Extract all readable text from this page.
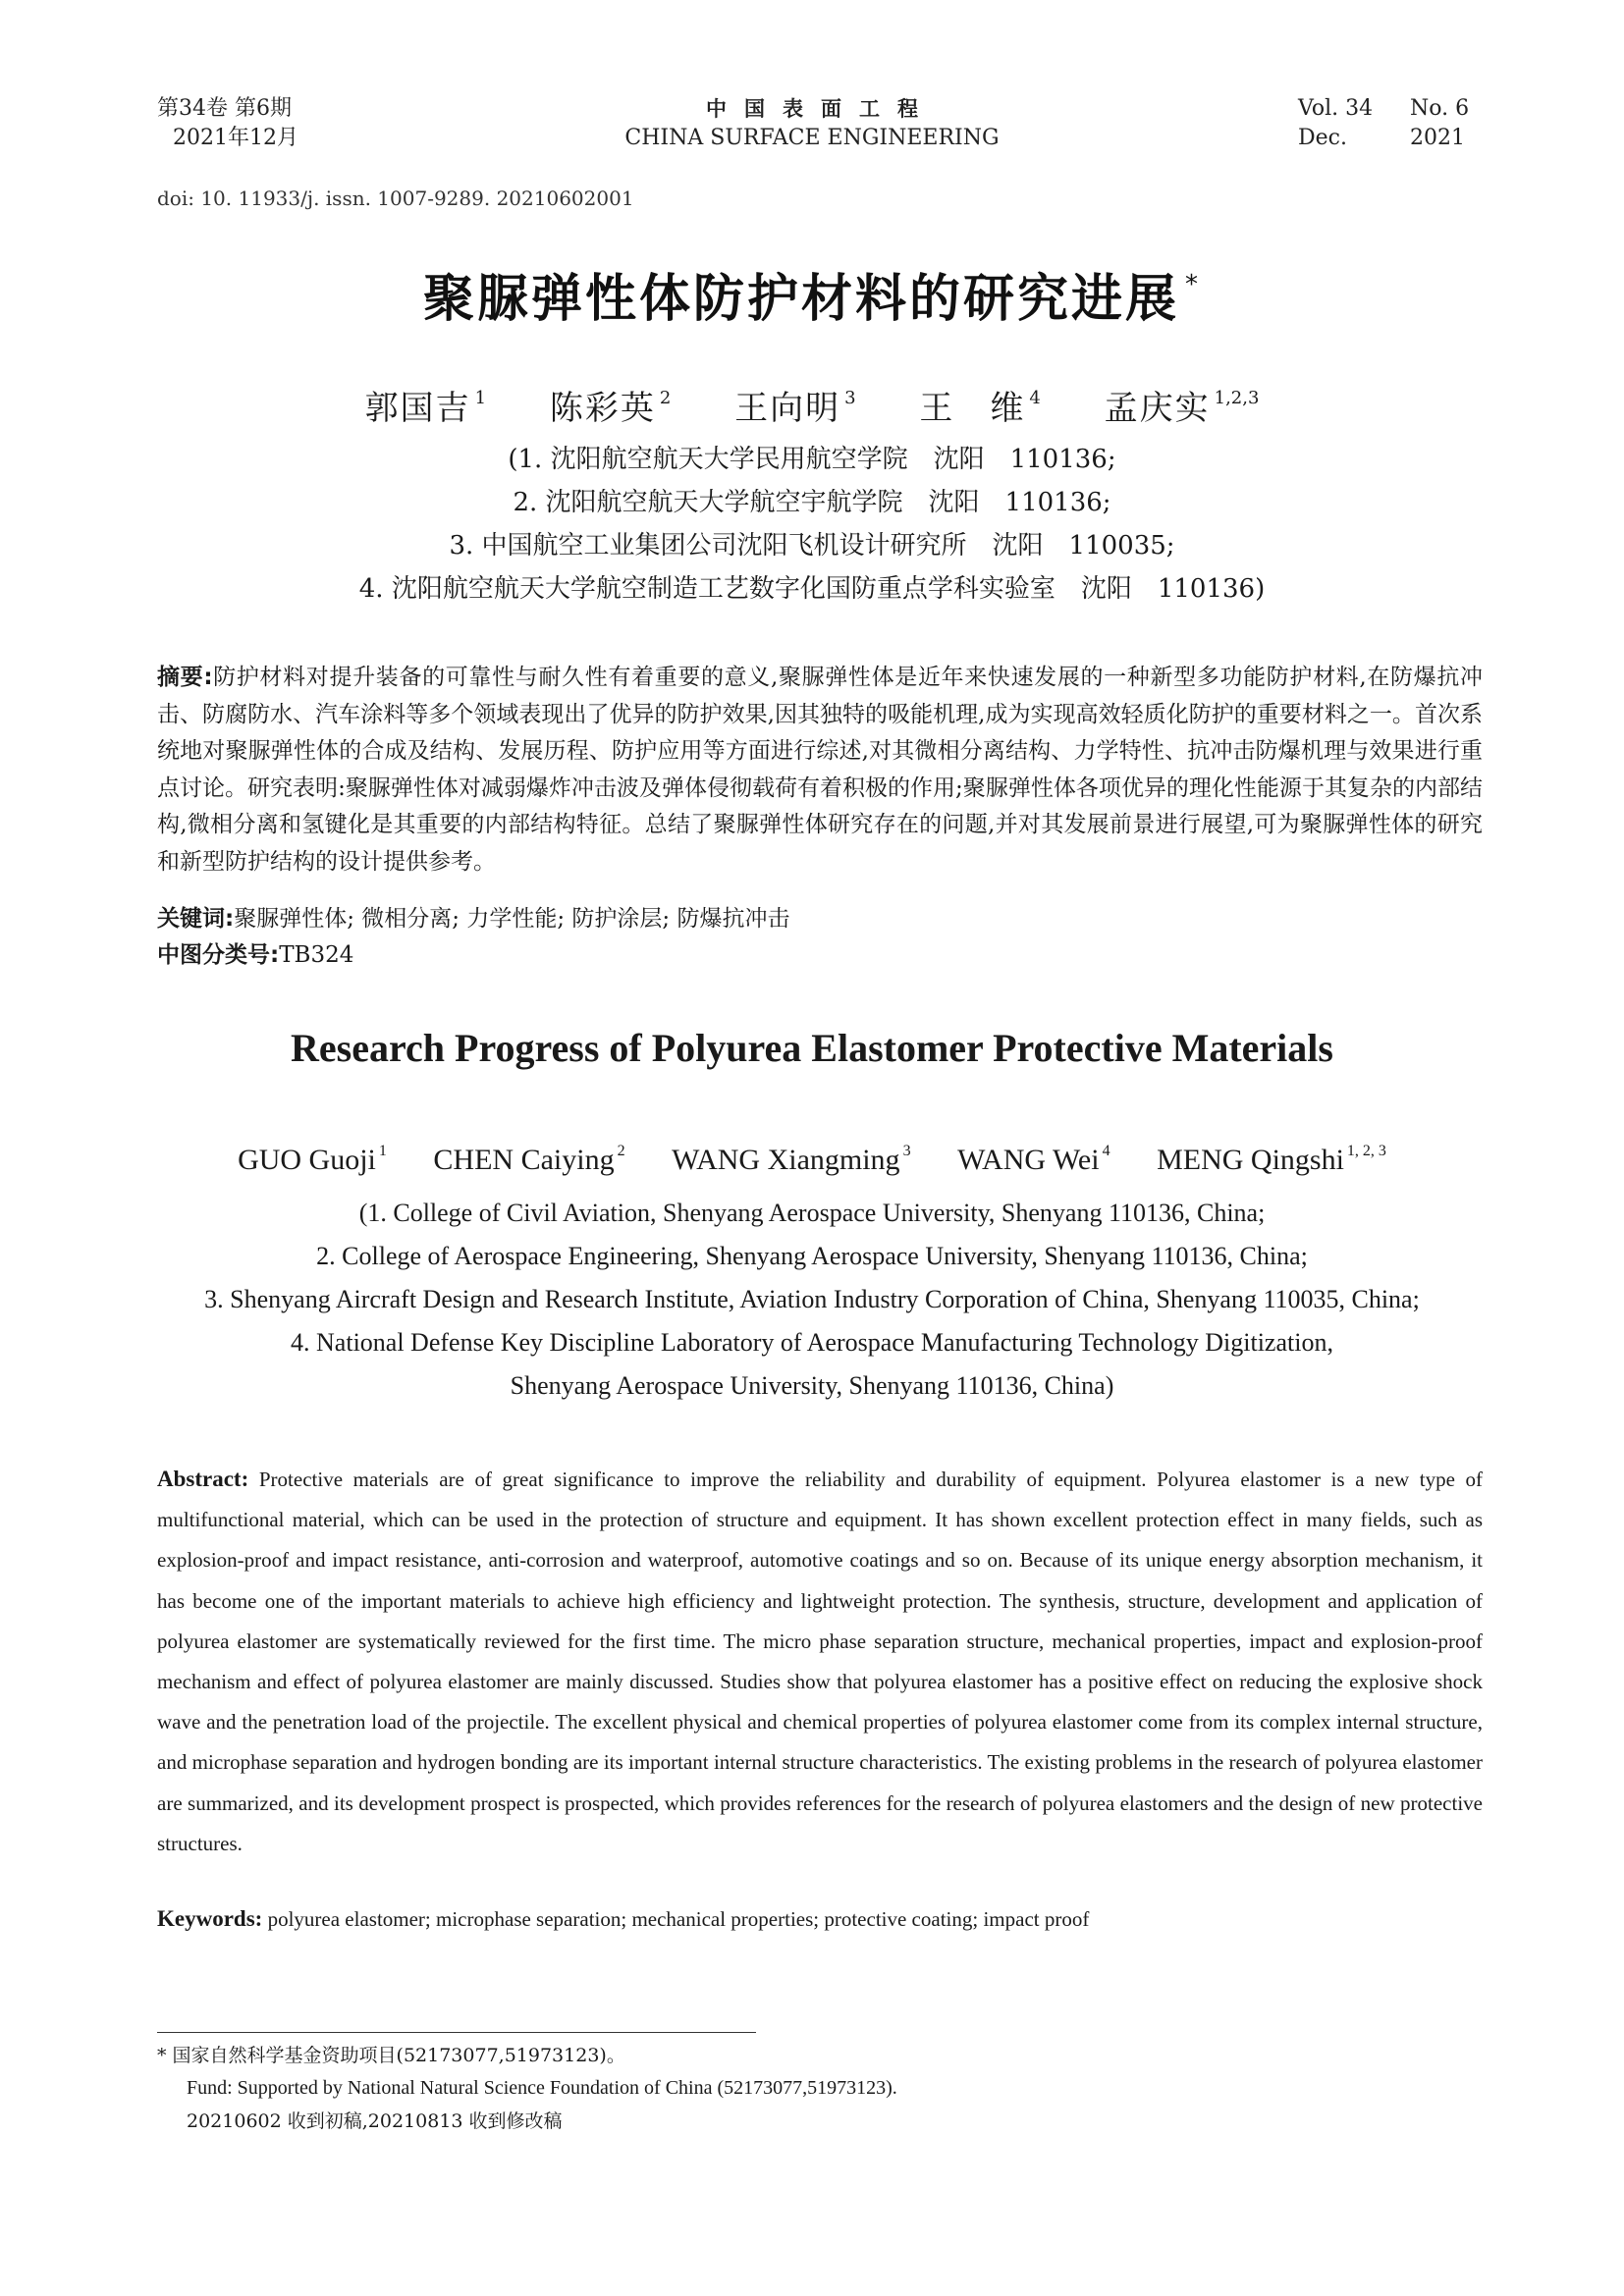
第34卷 第6期
2021年12月
中国表面工程
CHINA SURFACE ENGINEERING
Vol. 34	No. 6
Dec.	2021
doi: 10. 11933/j. issn. 1007-9289. 20210602001
聚脲弹性体防护材料的研究进展 *
郭国吉 $^1$ 陈彩英 $^2$ 王向明 $^3$ 王　维 $^4$ 孟庆实 $^{1,2,3}$
(1. 沈阳航空航天大学民用航空学院　沈阳　110136;
2. 沈阳航空航天大学航空宇航学院　沈阳　110136;
3. 中国航空工业集团公司沈阳飞机设计研究所　沈阳　110035;
4. 沈阳航空航天大学航空制造工艺数字化国防重点学科实验室　沈阳　110136)
摘要:防护材料对提升装备的可靠性与耐久性有着重要的意义,聚脲弹性体是近年来快速发展的一种新型多功能防护材料,在防爆抗冲击、防腐防水、汽车涂料等多个领域表现出了优异的防护效果,因其独特的吸能机理,成为实现高效轻质化防护的重要材料之一。首次系统地对聚脲弹性体的合成及结构、发展历程、防护应用等方面进行综述,对其微相分离结构、力学特性、抗冲击防爆机理与效果进行重点讨论。研究表明:聚脲弹性体对减弱爆炸冲击波及弹体侵彻载荷有着积极的作用;聚脲弹性体各项优异的理化性能源于其复杂的内部结构,微相分离和氢键化是其重要的内部结构特征。总结了聚脲弹性体研究存在的问题,并对其发展前景进行展望,可为聚脲弹性体的研究和新型防护结构的设计提供参考。
关键词:聚脲弹性体; 微相分离; 力学性能; 防护涂层; 防爆抗冲击
中图分类号:TB324
Research Progress of Polyurea Elastomer Protective Materials
GUO Guoji $^1$ CHEN Caiying $^2$ WANG Xiangming $^3$ WANG Wei $^4$ MENG Qingshi $^{1, 2, 3}$
(1. College of Civil Aviation, Shenyang Aerospace University, Shenyang 110136, China;
2. College of Aerospace Engineering, Shenyang Aerospace University, Shenyang 110136, China;
3. Shenyang Aircraft Design and Research Institute, Aviation Industry Corporation of China, Shenyang 110035, China;
4. National Defense Key Discipline Laboratory of Aerospace Manufacturing Technology Digitization,
Shenyang Aerospace University, Shenyang 110136, China)
Abstract: Protective materials are of great significance to improve the reliability and durability of equipment. Polyurea elastomer is a new type of multifunctional material, which can be used in the protection of structure and equipment. It has shown excellent protection effect in many fields, such as explosion-proof and impact resistance, anti-corrosion and waterproof, automotive coatings and so on. Because of its unique energy absorption mechanism, it has become one of the important materials to achieve high efficiency and lightweight protection. The synthesis, structure, development and application of polyurea elastomer are systematically reviewed for the first time. The micro phase separation structure, mechanical properties, impact and explosion-proof mechanism and effect of polyurea elastomer are mainly discussed. Studies show that polyurea elastomer has a positive effect on reducing the explosive shock wave and the penetration load of the projectile. The excellent physical and chemical properties of polyurea elastomer come from its complex internal structure, and microphase separation and hydrogen bonding are its important internal structure characteristics. The existing problems in the research of polyurea elastomer are summarized, and its development prospect is prospected, which provides references for the research of polyurea elastomers and the design of new protective structures.
Keywords: polyurea elastomer; microphase separation; mechanical properties; protective coating; impact proof
* 国家自然科学基金资助项目(52173077,51973123)。
Fund: Supported by National Natural Science Foundation of China (52173077,51973123).
20210602 收到初稿,20210813 收到修改稿
